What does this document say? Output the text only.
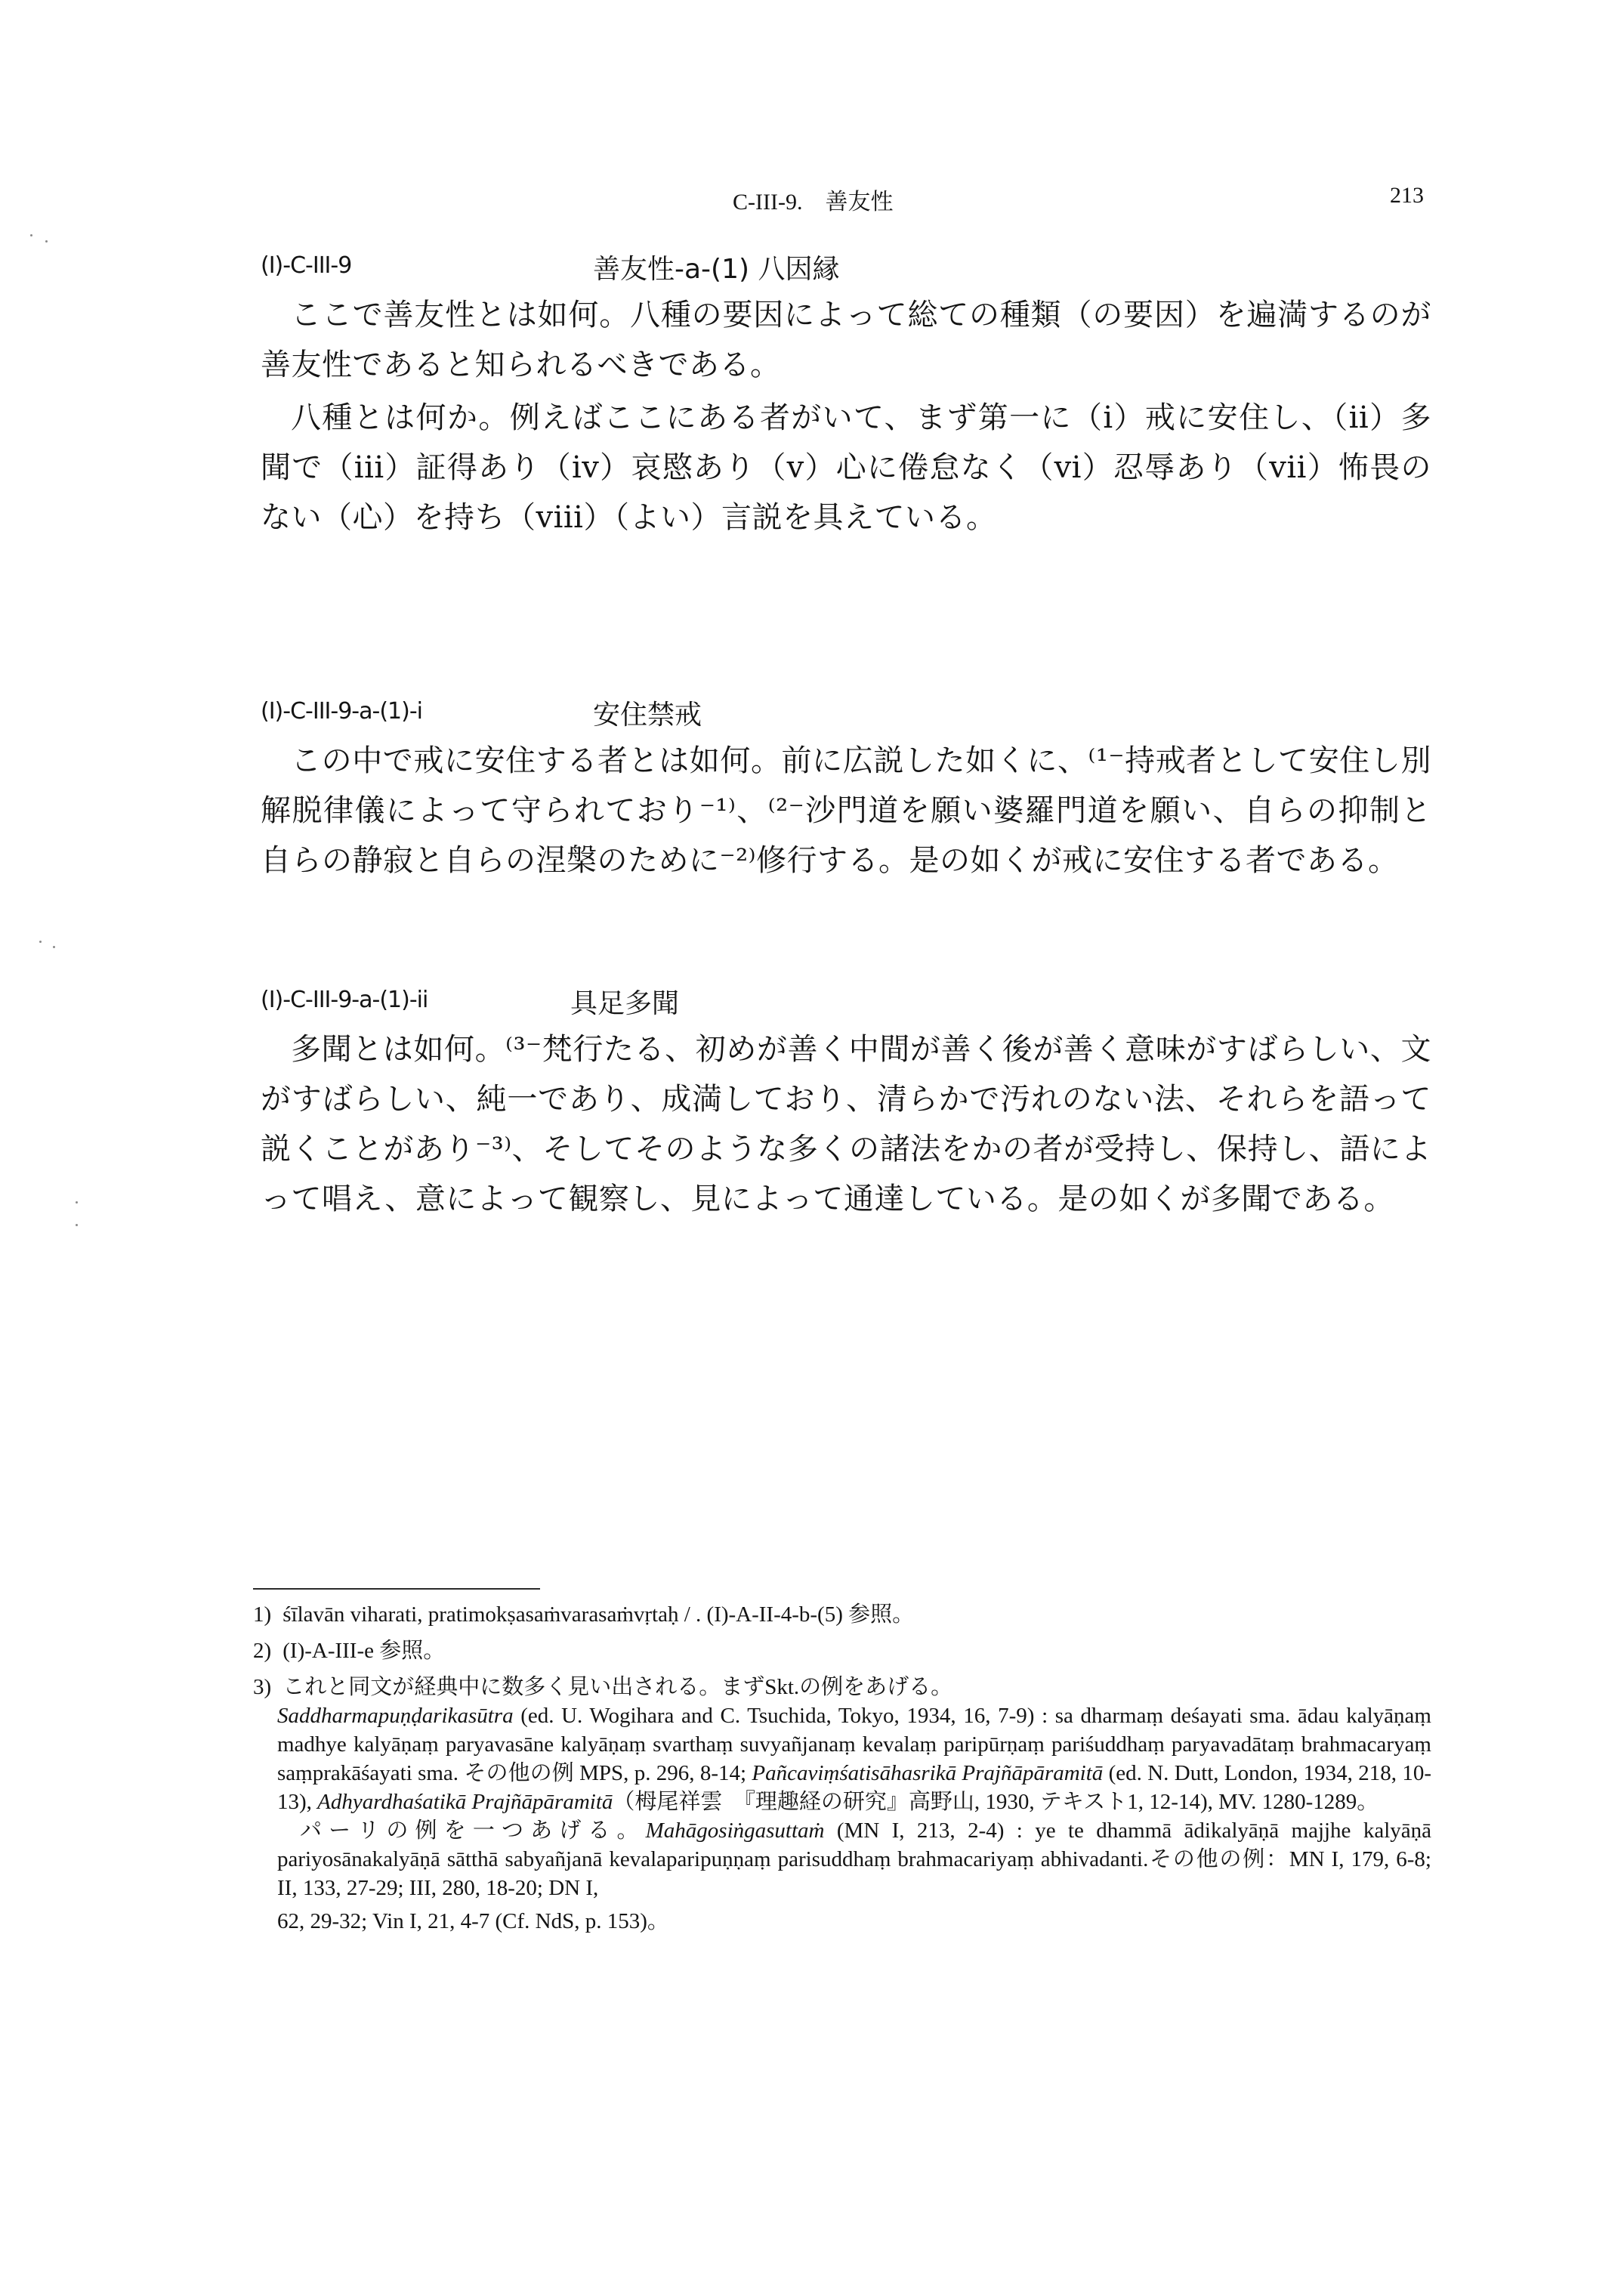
C-III-9.　善友性	213
(I)-C-III-9	善友性-a-(1) 八因縁

ここで善友性とは如何。八種の要因によって総ての種類（の要因）を遍満するのが善友性であると知られるべきである。

八種とは何か。例えばここにある者がいて、まず第一に（i）戒に安住し、（ii）多聞で（iii）証得あり（iv）哀愍あり（v）心に倦怠なく（vi）忍辱あり（vii）怖畏のない（心）を持ち（viii）（よい）言説を具えている。

(I)-C-III-9-a-(1)-i	安住禁戒

この中で戒に安住する者とは如何。前に広説した如くに、⁽¹⁻持戒者として安住し別解脱律儀によって守られており⁻¹⁾、⁽²⁻沙門道を願い婆羅門道を願い、自らの抑制と自らの静寂と自らの涅槃のために⁻²⁾修行する。是の如くが戒に安住する者である。

(I)-C-III-9-a-(1)-ii	具足多聞

多聞とは如何。⁽³⁻梵行たる、初めが善く中間が善く後が善く意味がすばらしい、文がすばらしい、純一であり、成満しており、清らかで汚れのない法、それらを語って説くことがあり⁻³⁾、そしてそのような多くの諸法をかの者が受持し、保持し、語によって唱え、意によって観察し、見によって通達している。是の如くが多聞である。

1) śīlavān viharati, pratimokṣasaṁvarasaṁvṛtaḥ / . (I)-A-II-4-b-(5) 参照。

2) (I)-A-III-e 参照。

3) これと同文が経典中に数多く見い出される。まずSkt.の例をあげる。

Saddharmapuṇḍarikasūtra (ed. U. Wogihara and C. Tsuchida, Tokyo, 1934, 16, 7-9) : sa dharmaṃ deśayati sma. ādau kalyāṇaṃ madhye kalyāṇaṃ paryavasāne kalyāṇaṃ svarthaṃ suvyañjanaṃ kevalaṃ paripūrṇaṃ pariśuddhaṃ paryavadātaṃ brahmacaryaṃ saṃprakāśayati sma. その他の例 MPS, p. 296, 8-14; Pañcaviṃśatisāhasrikā Prajñāpāramitā (ed. N. Dutt, London, 1934, 218, 10-13), Adhyardhaśatikā Prajñāpāramitā（栂尾祥雲　『理趣経の研究』高野山, 1930, テキスト1, 12-14), MV. 1280-1289。

パーリの例を一つあげる。Mahāgosiṅgasuttaṁ (MN I, 213, 2-4) : ye te dhammā ādikalyāṇā majjhe kalyāṇā pariyosānakalyāṇā sātthā sabyañjanā kevalaparipuṇṇaṃ parisuddhaṃ brahmacariyaṃ abhivadanti.その他の例：MN I, 179, 6-8; II, 133, 27-29; III, 280, 18-20; DN I,

62, 29-32; Vin I, 21, 4-7 (Cf. NdS, p. 153)。
